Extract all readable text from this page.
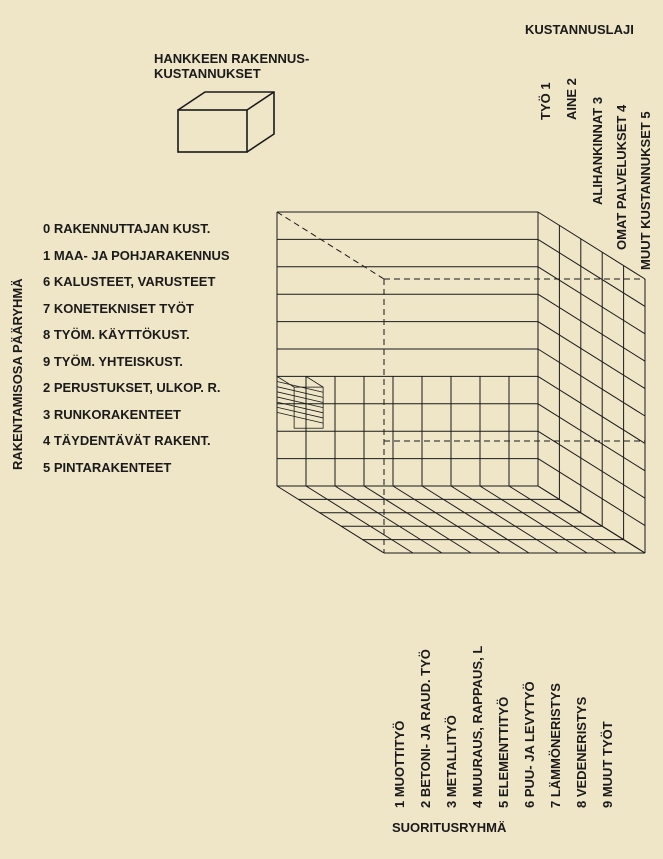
HANKKEEN RAKENNUS-
KUSTANNUKSET
KUSTANNUSLAJI
TYÖ 1 AINE 2 ALIHANKINNAT 3 OMAT PALVELUKSET 4 MUUT KUSTANNUKSET 5
RAKENTAMISOSA PÄÄRYHMÄ
0 RAKENNUTTAJAN KUST.
1 MAA- JA POHJARAKENNUS
6 KALUSTEET, VARUSTEET
7 KONETEKNISET TYÖT
8 TYÖM. KÄYTTÖKUST.
9 TYÖM. YHTEISKUST.
2 PERUSTUKSET, ULKOP. R.
3 RUNKORAKENTEET
4 TÄYDENTÄVÄT RAKENT.
5 PINTARAKENTEET
1 MUOTTITYÖ 2 BETONI- JA RAUD. TYÖ 3 METALLITYÖ 4 MUURAUS, RAPPAUS, L 5 ELEMENTTITYÖ 6 PUU- JA LEVYTYÖ 7 LÄMMÖNERISTYS 8 VEDENERISTYS 9 MUUT TYÖT
SUORITUSRYHMÄ
